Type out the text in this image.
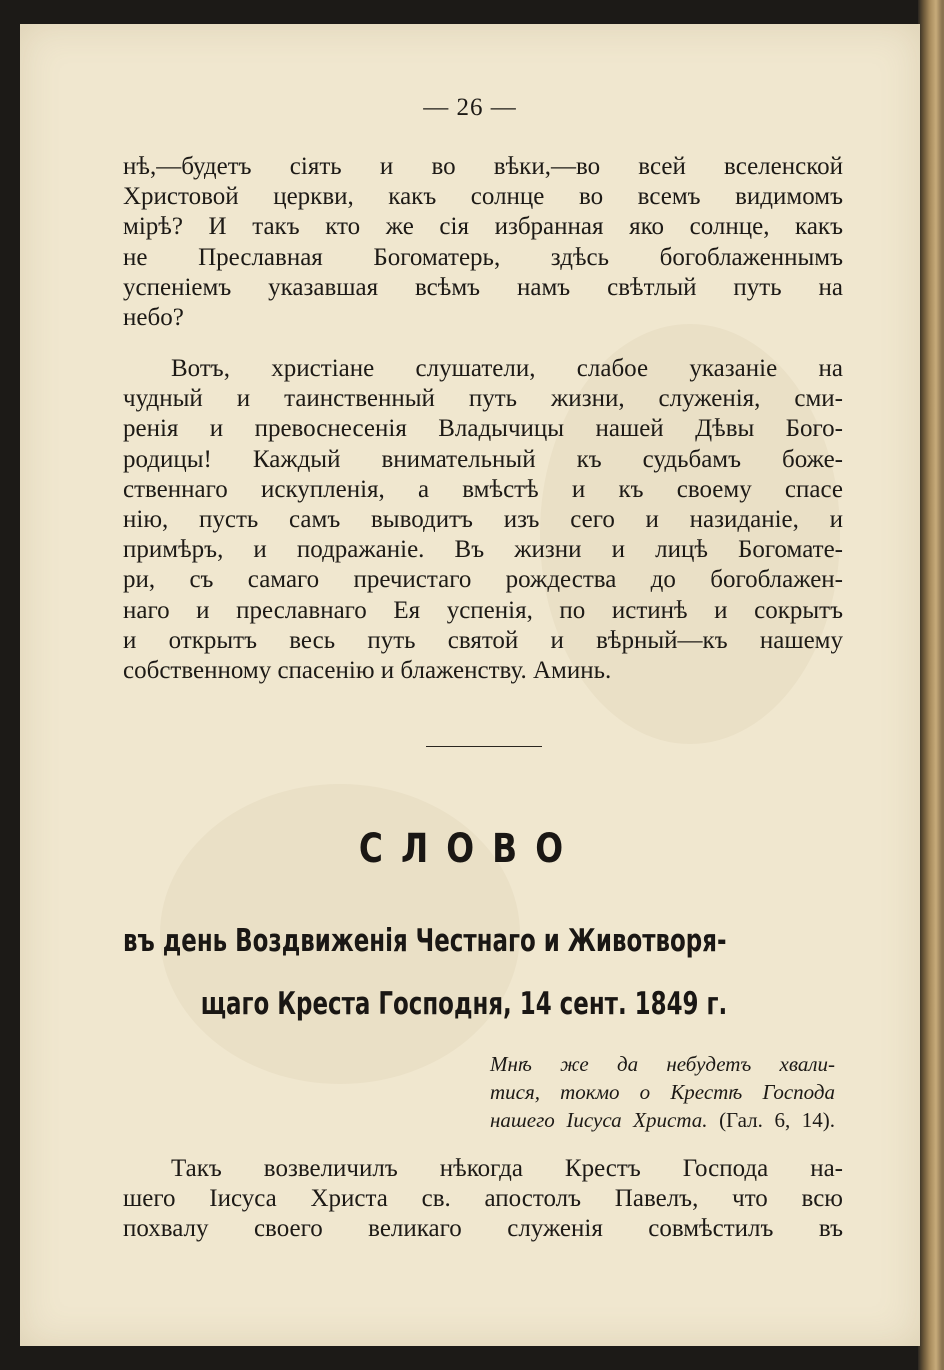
— 26 —
нѣ,—будетъ сіять и во вѣки,—во всей вселенской
Христовой церкви, какъ солнце во всемъ видимомъ
мірѣ? И такъ кто же сія избранная яко солнце, какъ
не Преславная Богоматерь, здѣсь богоблаженнымъ
успеніемъ указавшая всѣмъ намъ свѣтлый путь на
небо?
Вотъ, христіане слушатели, слабое указаніе на
чудный и таинственный путь жизни, служенія, сми-
ренія и превоснесенія Владычицы нашей Дѣвы Бого-
родицы! Каждый внимательный къ судьбамъ боже-
ственнаго искупленія, а вмѣстѣ и къ своему спасе
нію, пусть самъ выводитъ изъ сего и назиданіе, и
примѣръ, и подражаніе. Въ жизни и лицѣ Богомате-
ри, съ самаго пречистаго рождества до богоблажен-
наго и преславнаго Ея успенія, по истинѣ и сокрытъ
и открытъ весь путь святой и вѣрный—къ нашему
собственному спасенію и блаженству. Аминь.
СЛОВО
въ день Воздвиженія Честнаго и Животворя-
щаго Креста Господня, 14 сент. 1849 г.
Мнѣ же да небудетъ хвали-
тися, токмо о Крестѣ Господа
нашего Іисуса Христа. (Гал. 6, 14).
Такъ возвеличилъ нѣкогда Крестъ Господа на-
шего Іисуса Христа св. апостолъ Павелъ, что всю
похвалу своего великаго служенія совмѣстилъ въ
